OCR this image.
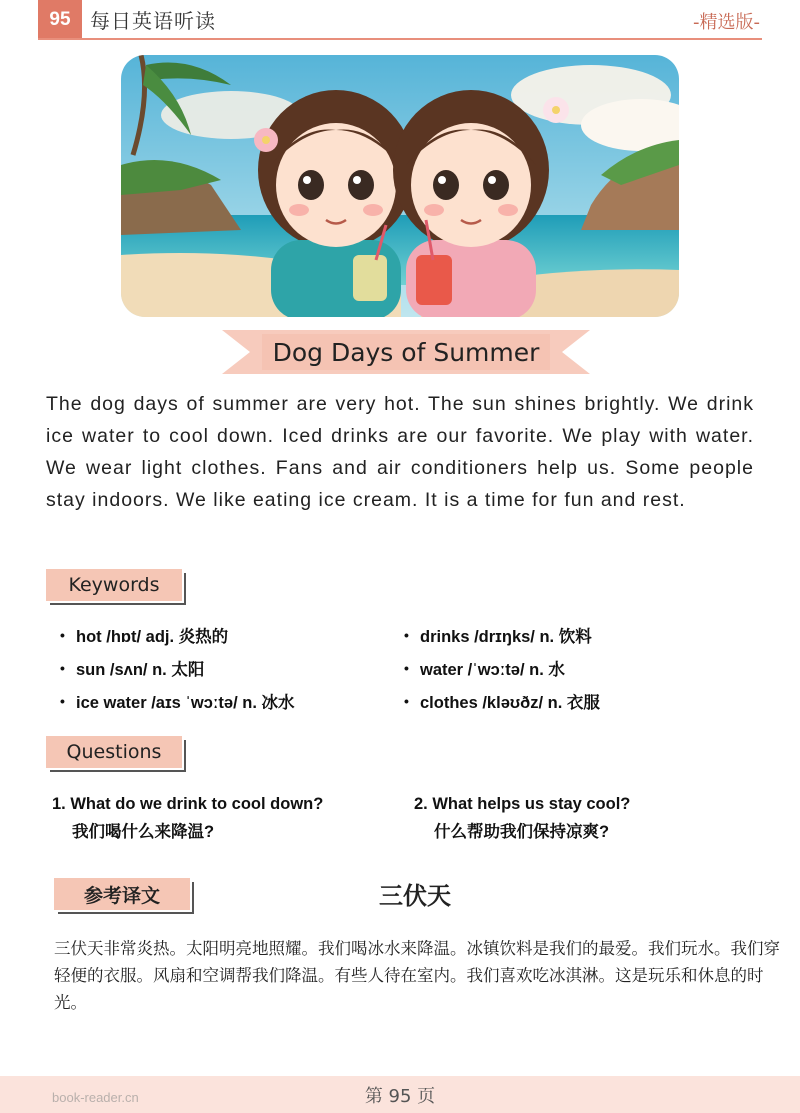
95 每日英语听读	-精选版-
Dog Days of Summer

The dog days of summer are very hot. The sun shines brightly. We drink ice water to cool down. Iced drinks are our favorite. We play with water. We wear light clothes. Fans and air conditioners help us. Some people stay indoors. We like eating ice cream. It is a time for fun and rest.

Keywords
• hot /hɒt/ adj. 炎热的
• sun /sʌn/ n. 太阳
• ice water /aɪs ˈwɔːtə/ n. 冰水
• drinks /drɪŋks/ n. 饮料
• water /ˈwɔːtə/ n. 水
• clothes /kləʊðz/ n. 衣服
Questions
1. What do we drink to cool down?
我们喝什么来降温?
2. What helps us stay cool?
什么帮助我们保持凉爽?
参考译文	三伏天

三伏天非常炎热。太阳明亮地照耀。我们喝冰水来降温。冰镇饮料是我们的最爱。我们玩水。我们穿轻便的衣服。风扇和空调帮我们降温。有些人待在室内。我们喜欢吃冰淇淋。这是玩乐和休息的时光。

book-reader.cn	第 95 页
